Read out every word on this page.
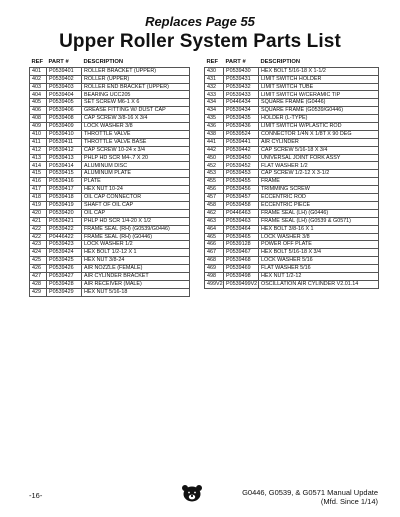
Replaces Page 55
Upper Roller System Parts List
REF	PART #	DESCRIPTION
401	P0539401	ROLLER BRACKET (UPPER)
402	P0539402	ROLLER (UPPER)
403	P0539403	ROLLER END BRACKET (UPPER)
404	P0539404	BEARING UCC205
405	P0539405	SET SCREW M6-1 X 6
406	P0539406	GREASE FITTING W/ DUST CAP
408	P0539408	CAP SCREW 3/8-16 X 3/4
409	P0539409	LOCK WASHER 3/8
410	P0539410	THROTTLE VALVE
411	P0539411	THROTTLE VALVE BASE
412	P0539412	CAP SCREW 10-24 x 3/4
413	P0539413	PHLP HD SCR M4-.7 X 20
414	P0539414	ALUMINUM DISC
415	P0539415	ALUMINUM PLATE
416	P0539416	PLATE
417	P0539417	HEX NUT 10-24
418	P0539418	OIL CAP CONNECTOR
419	P0539419	SHAFT OF OIL CAP
420	P0539420	OIL CAP
421	P0539421	PHLP HD SCR 1/4-20 X 1/2
422	P0539422	FRAME SEAL (RH) (G0539/G0446)
422	P0446422	FRAME SEAL (RH) (G0446)
423	P0539423	LOCK WASHER 1/2
424	P0539424	HEX BOLT 1/2-12 X 1
425	P0539425	HEX NUT 3/8-24
426	P0539426	AIR NOZZLE (FEMALE)
427	P0539427	AIR CYLINDER BRACKET
428	P0539428	AIR RECEIVER (MALE)
429	P0539429	HEX NUT 5/16-18
REF	PART #	DESCRIPTION
430	P0539430	HEX BOLT 5/16-18 X 1-1/2
431	P0539431	LIMIT SWITCH HOLDER
432	P0539432	LIMIT SWITCH TUBE
433	P0539433	LIMIT SWITCH W/CERAMIC TIP
434	P0446434	SQUARE FRAME (G0446)
434	P0539434	SQUARE FRAME (G0539/G0446)
435	P0539435	HOLDER (L-TYPE)
436	P0539436	LIMIT SWITCH W/PLASTIC ROD
438	P0539524	CONNECTOR 1/4N X 1/8T X 90 DEG
441	P0539441	AIR CYLINDER
442	P0539442	CAP SCREW 5/16-18 X 3/4
450	P0539450	UNIVERSAL JOINT FORK ASSY
452	P0539452	FLAT WASHER 1/2
453	P0539453	CAP SCREW 1/2-12 X 3-1/2
455	P0539455	FRAME
456	P0539456	TRIMMING SCREW
457	P0539457	ECCENTRIC ROD
458	P0539458	ECCENTRIC PIECE
462	P0446463	FRAME SEAL (LH) (G0446)
463	P0539463	FRAME SEAL (LH) (G0539 & G0571)
464	P0539464	HEX BOLT 3/8-16 X 1
465	P0539465	LOCK WASHER 3/8
466	P0539128	POWER OFF PLATE
467	P0539467	HEX BOLT 5/16-18 X 3/4
468	P0539468	LOCK WASHER 5/16
469	P0539469	FLAT WASHER 5/16
498	P0539498	HEX NUT 1/2-12
499V2	P0539499V2	OSCILLATION AIR CYLINDER V2.01.14
-16-	G0446, G0539, & G0571 Manual Update
(Mfd. Since 1/14)
